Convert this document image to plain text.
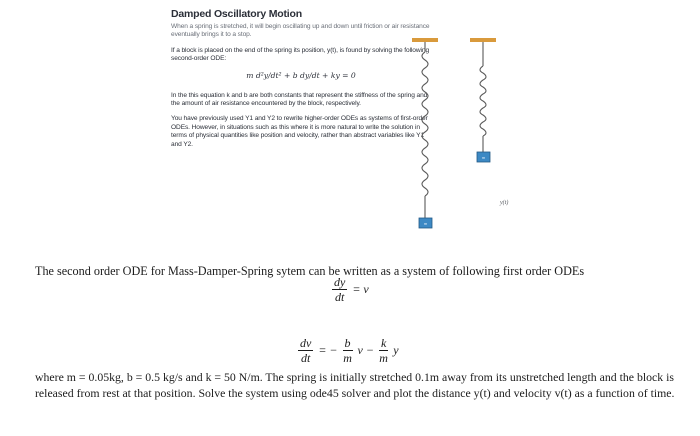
Damped Oscillatory Motion
When a spring is stretched, it will begin oscillating up and down until friction or air resistance eventually brings it to a stop.
If a block is placed on the end of the spring its position, y(t), is found by solving the following second-order ODE:
m d²y/dt² + b dy/dt + ky = 0
In the this equation k and b are both constants that represent the stiffness of the spring and the amount of air resistance encountered by the block, respectively.
You have previously used Y1 and Y2 to rewrite higher-order ODEs as systems of first-order ODEs. However, in situations such as this where it is more natural to write the solution in terms of physical quantities like position and velocity, rather than abstract variables like Y1 and Y2.
m
m
y(t)
The second order ODE for Mass-Damper-Spring sytem can be written as a system of following first order ODEs
$\frac{dy}{dt} = v$
$\frac{dv}{dt}$ = − $\frac{b}{m}$ $v - \frac{k}{m}$ y
where m = 0.05kg, b = 0.5 kg/s and k = 50 N/m. The spring is initially stretched 0.1m away from its unstretched length and the block is released from rest at that position. Solve the system using ode45 solver and plot the distance y(t) and velocity v(t) as a function of time.
